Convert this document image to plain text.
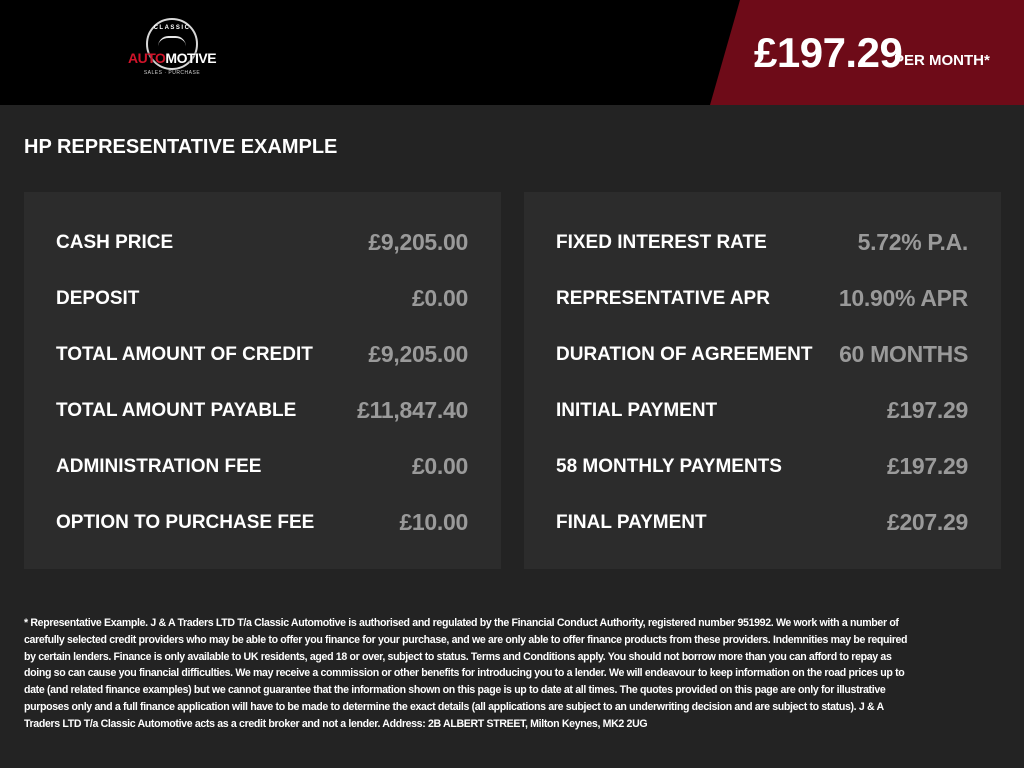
CLASSIC
AUTOMOTIVE
SALES · PURCHASE	£197.29
PER MONTH*
HP REPRESENTATIVE EXAMPLE
CASH PRICE	£9,205.00
DEPOSIT	£0.00
TOTAL AMOUNT OF CREDIT £9,205.00
TOTAL AMOUNT PAYABLE	£11,847.40
ADMINISTRATION FEE	£0.00
OPTION TO PURCHASE FEE	£10.00
FIXED INTEREST RATE	5.72% P.A.
REPRESENTATIVE APR	10.90% APR
DURATION OF AGREEMENT 60 MONTHS
INITIAL PAYMENT	£197.29
58 MONTHLY PAYMENTS	£197.29
FINAL PAYMENT	£207.29
* Representative Example. J & A Traders LTD T/a Classic Automotive is authorised and regulated by the Financial Conduct Authority, registered number 951992. We work with a number of carefully selected credit providers who may be able to offer you finance for your purchase, and we are only able to offer finance products from these providers. Indemnities may be required by certain lenders. Finance is only available to UK residents, aged 18 or over, subject to status. Terms and Conditions apply. You should not borrow more than you can afford to repay as doing so can cause you financial difficulties. We may receive a commission or other benefits for introducing you to a lender. We will endeavour to keep information on the road prices up to date (and related finance examples) but we cannot guarantee that the information shown on this page is up to date at all times. The quotes provided on this page are only for illustrative purposes only and a full finance application will have to be made to determine the exact details (all applications are subject to an underwriting decision and are subject to status). J & A Traders LTD T/a Classic Automotive acts as a credit broker and not a lender. Address: 2B ALBERT STREET, Milton Keynes, MK2 2UG
